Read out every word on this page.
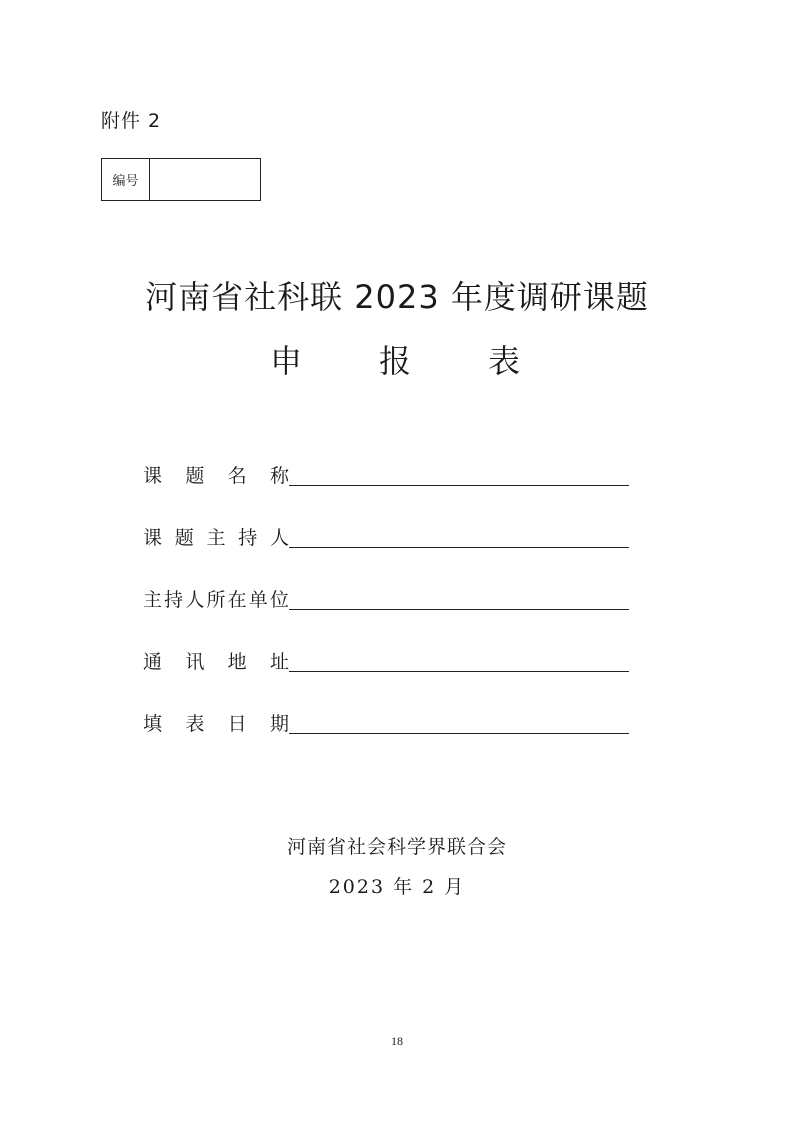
附件 2
编号
河南省社科联 2023 年度调研课题
申 报 表
课 题 名 称
课 题 主 持 人
主 持 人 所 在 单 位
通 讯 地 址
填 表 日 期
河南省社会科学界联合会
2023 年 2 月
18
